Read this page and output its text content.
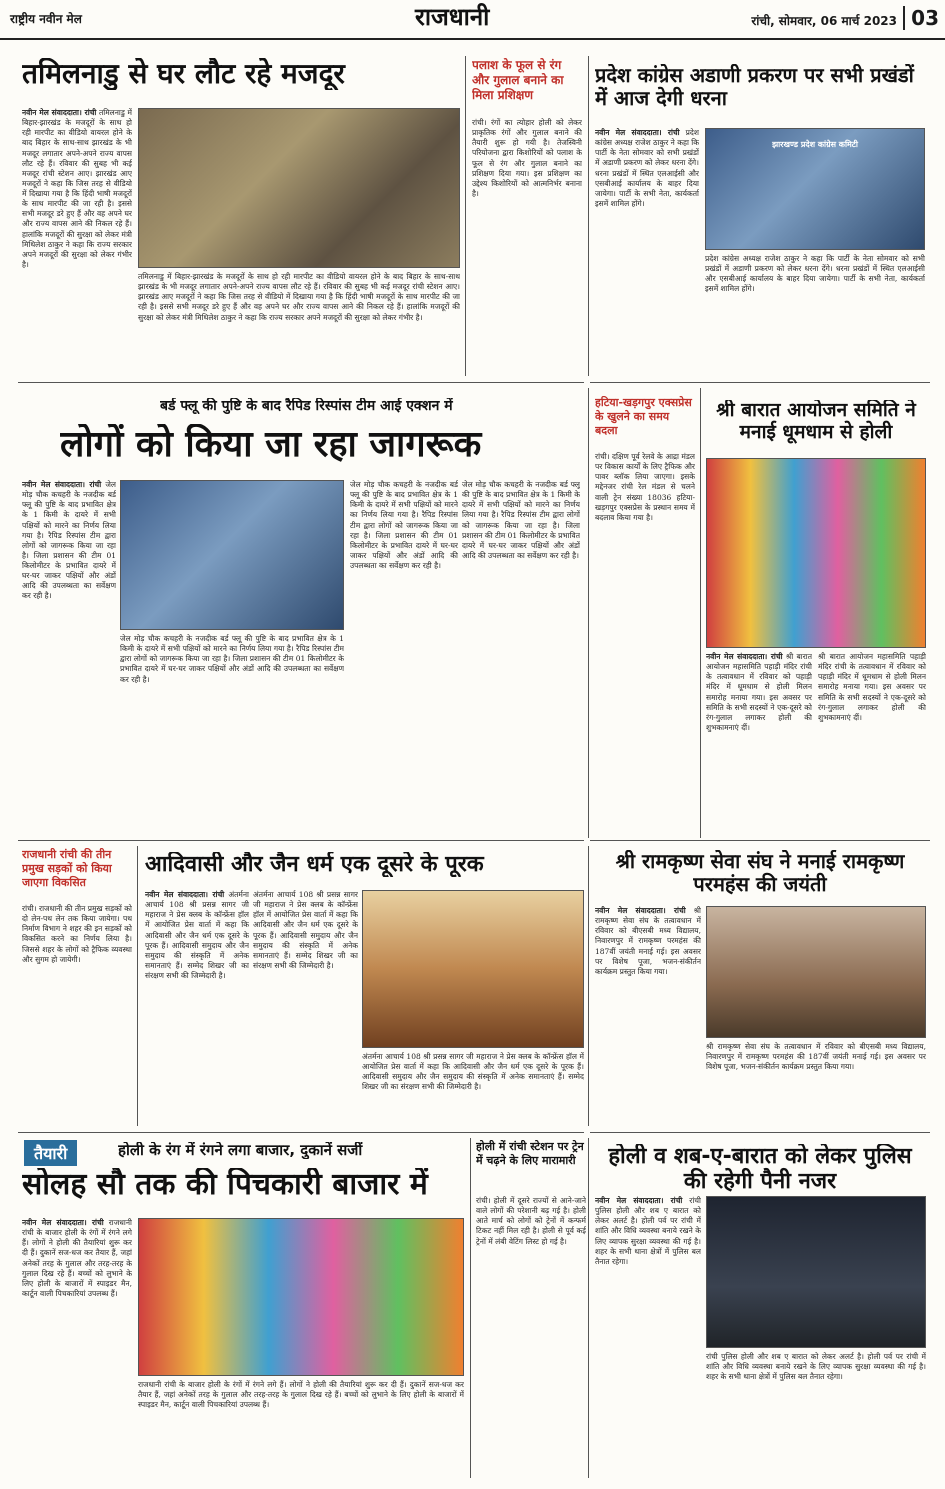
राष्ट्रीय नवीन मेल	राजधानी	रांची, सोमवार, 06 मार्च 2023 03
तमिलनाडु से घर लौट रहे मजदूर
नवीन मेल संवाददाता। रांची तमिलनाडु में बिहार-झारखंड के मजदूरों के साथ हो रही मारपीट का वीडियो वायरल होने के बाद बिहार के साथ-साथ झारखंड के भी मजदूर लगातार अपने-अपने राज्य वापस लौट रहे हैं। रविवार की सुबह भी कई मजदूर रांची स्टेशन आए। झारखंड आए मजदूरों ने कहा कि जिस तरह से वीडियो में दिखाया गया है कि हिंदी भाषी मजदूरों के साथ मारपीट की जा रही है। इससे सभी मजदूर डरे हुए हैं और वह अपने घर और राज्य वापस आने की निकल रहे हैं। हालांकि मजदूरों की सुरक्षा को लेकर मंत्री मिथिलेश ठाकुर ने कहा कि राज्य सरकार अपने मजदूरों की सुरक्षा को लेकर गंभीर है।
तमिलनाडु में बिहार-झारखंड के मजदूरों के साथ हो रही मारपीट का वीडियो वायरल होने के बाद बिहार के साथ-साथ झारखंड के भी मजदूर लगातार अपने-अपने राज्य वापस लौट रहे हैं। रविवार की सुबह भी कई मजदूर रांची स्टेशन आए। झारखंड आए मजदूरों ने कहा कि जिस तरह से वीडियो में दिखाया गया है कि हिंदी भाषी मजदूरों के साथ मारपीट की जा रही है। इससे सभी मजदूर डरे हुए हैं और वह अपने घर और राज्य वापस आने की निकल रहे हैं। हालांकि मजदूरों की सुरक्षा को लेकर मंत्री मिथिलेश ठाकुर ने कहा कि राज्य सरकार अपने मजदूरों की सुरक्षा को लेकर गंभीर है।
पलाश के फूल से रंग और गुलाल बनाने का मिला प्रशिक्षण
रांची। रंगों का त्योहार होली को लेकर प्राकृतिक रंगों और गुलाल बनाने की तैयारी शुरू हो गयी है। तेजस्विनी परियोजना द्वारा किशोरियों को पलाश के फूल से रंग और गुलाल बनाने का प्रशिक्षण दिया गया। इस प्रशिक्षण का उद्देश्य किशोरियों को आत्मनिर्भर बनाना है।
प्रदेश कांग्रेस अडाणी प्रकरण पर सभी प्रखंडों में आज देगी धरना
झारखण्ड प्रदेश कांग्रेस कमिटी
नवीन मेल संवाददाता। रांची प्रदेश कांग्रेस अध्यक्ष राजेश ठाकुर ने कहा कि पार्टी के नेता सोमवार को सभी प्रखंडों में अडाणी प्रकरण को लेकर धरना देंगे। धरना प्रखंडों में स्थित एलआईसी और एसबीआई कार्यालय के बाहर दिया जायेगा। पार्टी के सभी नेता, कार्यकर्ता इसमें शामिल होंगे।
प्रदेश कांग्रेस अध्यक्ष राजेश ठाकुर ने कहा कि पार्टी के नेता सोमवार को सभी प्रखंडों में अडाणी प्रकरण को लेकर धरना देंगे। धरना प्रखंडों में स्थित एलआईसी और एसबीआई कार्यालय के बाहर दिया जायेगा। पार्टी के सभी नेता, कार्यकर्ता इसमें शामिल होंगे।
बर्ड फ्लू की पुष्टि के बाद रैपिड रिस्पांस टीम आई एक्शन में
लोगों को किया जा रहा जागरूक
नवीन मेल संवाददाता। रांची जेल मोड़ चौक कचहरी के नजदीक बर्ड फ्लू की पुष्टि के बाद प्रभावित क्षेत्र के 1 किमी के दायरे में सभी पक्षियों को मारने का निर्णय लिया गया है। रैपिड रिस्पांस टीम द्वारा लोगों को जागरूक किया जा रहा है। जिला प्रशासन की टीम 01 किलोमीटर के प्रभावित दायरे में घर-घर जाकर पक्षियों और अंडों आदि की उपलब्धता का सर्वेक्षण कर रही है।
जेल मोड़ चौक कचहरी के नजदीक बर्ड फ्लू की पुष्टि के बाद प्रभावित क्षेत्र के 1 किमी के दायरे में सभी पक्षियों को मारने का निर्णय लिया गया है। रैपिड रिस्पांस टीम द्वारा लोगों को जागरूक किया जा रहा है। जिला प्रशासन की टीम 01 किलोमीटर के प्रभावित दायरे में घर-घर जाकर पक्षियों और अंडों आदि की उपलब्धता का सर्वेक्षण कर रही है।
जेल मोड़ चौक कचहरी के नजदीक बर्ड फ्लू की पुष्टि के बाद प्रभावित क्षेत्र के 1 किमी के दायरे में सभी पक्षियों को मारने का निर्णय लिया गया है। रैपिड रिस्पांस टीम द्वारा लोगों को जागरूक किया जा रहा है। जिला प्रशासन की टीम 01 किलोमीटर के प्रभावित दायरे में घर-घर जाकर पक्षियों और अंडों आदि की उपलब्धता का सर्वेक्षण कर रही है।
जेल मोड़ चौक कचहरी के नजदीक बर्ड फ्लू की पुष्टि के बाद प्रभावित क्षेत्र के 1 किमी के दायरे में सभी पक्षियों को मारने का निर्णय लिया गया है। रैपिड रिस्पांस टीम द्वारा लोगों को जागरूक किया जा रहा है। जिला प्रशासन की टीम 01 किलोमीटर के प्रभावित दायरे में घर-घर जाकर पक्षियों और अंडों आदि की उपलब्धता का सर्वेक्षण कर रही है।
हटिया-खड़गपुर एक्सप्रेस के खुलने का समय बदला
रांची। दक्षिण पूर्व रेलवे के आद्रा मंडल पर विकास कार्यों के लिए ट्रैफिक और पावर ब्लॉक लिया जाएगा। इसके मद्देनजर रांची रेल मंडल से चलने वाली ट्रेन संख्या 18036 हटिया-खड़गपुर एक्सप्रेस के प्रस्थान समय में बदलाव किया गया है।
श्री बारात आयोजन समिति ने मनाई धूमधाम से होली
नवीन मेल संवाददाता। रांची श्री बारात आयोजन महासमिति पहाड़ी मंदिर रांची के तत्वावधान में रविवार को पहाड़ी मंदिर में धूमधाम से होली मिलन समारोह मनाया गया। इस अवसर पर समिति के सभी सदस्यों ने एक-दूसरे को रंग-गुलाल लगाकर होली की शुभकामनाएं दीं।
श्री बारात आयोजन महासमिति पहाड़ी मंदिर रांची के तत्वावधान में रविवार को पहाड़ी मंदिर में धूमधाम से होली मिलन समारोह मनाया गया। इस अवसर पर समिति के सभी सदस्यों ने एक-दूसरे को रंग-गुलाल लगाकर होली की शुभकामनाएं दीं।
राजधानी रांची की तीन प्रमुख सड़कों को किया जाएगा विकसित
रांची। राजधानी की तीन प्रमुख सड़कों को दो लेन-पथ लेन तक किया जायेगा। पथ निर्माण विभाग ने शहर की इन सड़कों को विकसित करने का निर्णय लिया है। जिससे शहर के लोगों को ट्रैफिक व्यवस्था और सुगम हो जायेगी।
आदिवासी और जैन धर्म एक दूसरे के पूरक
नवीन मेल संवाददाता। रांची अंतर्मना आचार्य 108 श्री प्रसन्न सागर जी महाराज ने प्रेस क्लब के कॉन्फ्रेंस हॉल में आयोजित प्रेस वार्ता में कहा कि आदिवासी और जैन धर्म एक दूसरे के पूरक हैं। आदिवासी समुदाय और जैन समुदाय की संस्कृति में अनेक समानताएं हैं। सम्मेद शिखर जी का संरक्षण सभी की जिम्मेदारी है।
अंतर्मना आचार्य 108 श्री प्रसन्न सागर जी महाराज ने प्रेस क्लब के कॉन्फ्रेंस हॉल में आयोजित प्रेस वार्ता में कहा कि आदिवासी और जैन धर्म एक दूसरे के पूरक हैं। आदिवासी समुदाय और जैन समुदाय की संस्कृति में अनेक समानताएं हैं। सम्मेद शिखर जी का संरक्षण सभी की जिम्मेदारी है।
अंतर्मना आचार्य 108 श्री प्रसन्न सागर जी महाराज ने प्रेस क्लब के कॉन्फ्रेंस हॉल में आयोजित प्रेस वार्ता में कहा कि आदिवासी और जैन धर्म एक दूसरे के पूरक हैं। आदिवासी समुदाय और जैन समुदाय की संस्कृति में अनेक समानताएं हैं। सम्मेद शिखर जी का संरक्षण सभी की जिम्मेदारी है।
श्री रामकृष्ण सेवा संघ ने मनाई रामकृष्ण परमहंस की जयंती
नवीन मेल संवाददाता। रांची श्री रामकृष्ण सेवा संघ के तत्वावधान में रविवार को बीएसबी मध्य विद्यालय, निवारणपुर में रामकृष्ण परमहंस की 187वीं जयंती मनाई गई। इस अवसर पर विशेष पूजा, भजन-संकीर्तन कार्यक्रम प्रस्तुत किया गया।
श्री रामकृष्ण सेवा संघ के तत्वावधान में रविवार को बीएसबी मध्य विद्यालय, निवारणपुर में रामकृष्ण परमहंस की 187वीं जयंती मनाई गई। इस अवसर पर विशेष पूजा, भजन-संकीर्तन कार्यक्रम प्रस्तुत किया गया।
तैयारी	होली के रंग में रंगने लगा बाजार, दुकानें सजीं
सोलह सौ तक की पिचकारी बाजार में
नवीन मेल संवाददाता। रांची राजधानी रांची के बाजार होली के रंगों में रंगने लगे हैं। लोगों ने होली की तैयारियां शुरू कर दी हैं। दुकानें सज-धज कर तैयार हैं, जहां अनेकों तरह के गुलाल और तरह-तरह के गुलाल दिख रहे हैं। बच्चों को लुभाने के लिए होली के बाजारों में स्पाइडर मैन, कार्टून वाली पिचकारियां उपलब्ध हैं।
राजधानी रांची के बाजार होली के रंगों में रंगने लगे हैं। लोगों ने होली की तैयारियां शुरू कर दी हैं। दुकानें सज-धज कर तैयार हैं, जहां अनेकों तरह के गुलाल और तरह-तरह के गुलाल दिख रहे हैं। बच्चों को लुभाने के लिए होली के बाजारों में स्पाइडर मैन, कार्टून वाली पिचकारियां उपलब्ध हैं।
होली में रांची स्टेशन पर ट्रेन में चढ़ने के लिए मारामारी
रांची। होली में दूसरे राज्यों से आने-जाने वाले लोगों की परेशानी बढ़ गई है। होली आते मार्च को लोगों को ट्रेनों में कन्फर्म टिकट नहीं मिल रही है। होली से पूर्व कई ट्रेनों में लंबी वेटिंग लिस्ट हो गई है।
होली व शब-ए-बारात को लेकर पुलिस की रहेगी पैनी नजर
नवीन मेल संवाददाता। रांची रांची पुलिस होली और शब ए बारात को लेकर अलर्ट है। होली पर्व पर रांची में शांति और विधि व्यवस्था बनाये रखने के लिए व्यापक सुरक्षा व्यवस्था की गई है। शहर के सभी थाना क्षेत्रों में पुलिस बल तैनात रहेगा।
रांची पुलिस होली और शब ए बारात को लेकर अलर्ट है। होली पर्व पर रांची में शांति और विधि व्यवस्था बनाये रखने के लिए व्यापक सुरक्षा व्यवस्था की गई है। शहर के सभी थाना क्षेत्रों में पुलिस बल तैनात रहेगा।
